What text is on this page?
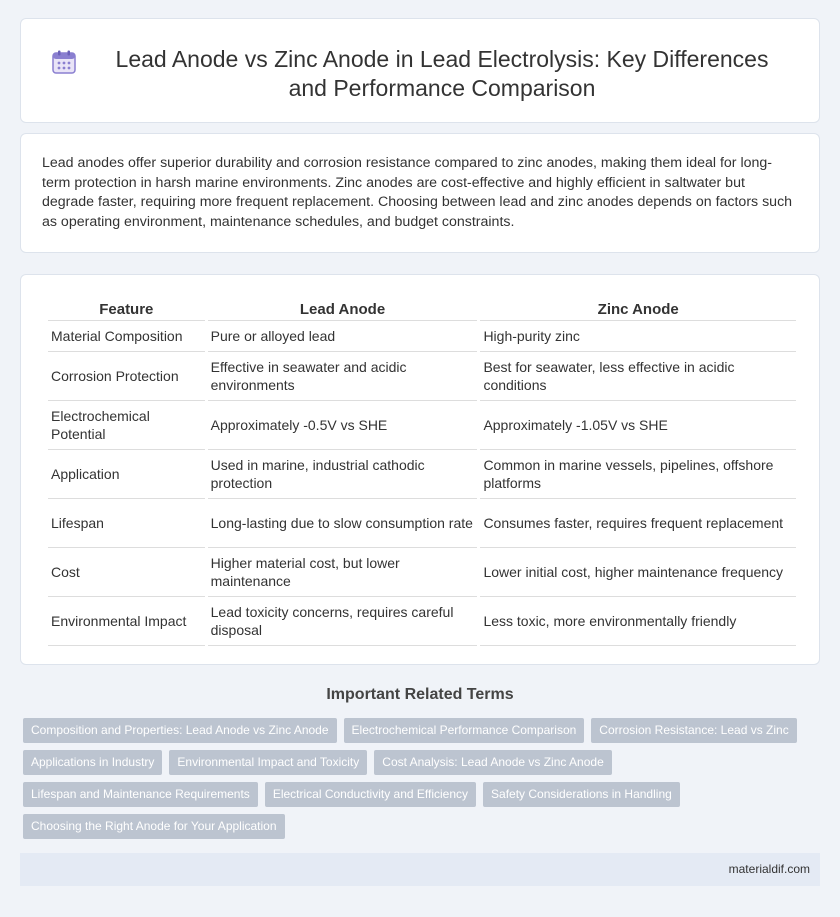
Lead Anode vs Zinc Anode in Lead Electrolysis: Key Differences and Performance Comparison

Lead anodes offer superior durability and corrosion resistance compared to zinc anodes, making them ideal for long-term protection in harsh marine environments. Zinc anodes are cost-effective and highly efficient in saltwater but degrade faster, requiring more frequent replacement. Choosing between lead and zinc anodes depends on factors such as operating environment, maintenance schedules, and budget constraints.

Feature	Lead Anode	Zinc Anode
Material Composition	Pure or alloyed lead	High-purity zinc
Corrosion Protection	Effective in seawater and acidic environments	Best for seawater, less effective in acidic conditions
Electrochemical Potential	Approximately -0.5V vs SHE	Approximately -1.05V vs SHE
Application	Used in marine, industrial cathodic protection	Common in marine vessels, pipelines, offshore platforms
Lifespan	Long-lasting due to slow consumption rate	Consumes faster, requires frequent replacement
Cost	Higher material cost, but lower maintenance	Lower initial cost, higher maintenance frequency
Environmental Impact	Lead toxicity concerns, requires careful disposal	Less toxic, more environmentally friendly
Important Related Terms
Composition and Properties: Lead Anode vs Zinc Anode	Electrochemical Performance Comparison	Corrosion Resistance: Lead vs Zinc
Applications in Industry	Environmental Impact and Toxicity	Cost Analysis: Lead Anode vs Zinc Anode
Lifespan and Maintenance Requirements	Electrical Conductivity and Efficiency	Safety Considerations in Handling
Choosing the Right Anode for Your Application
materialdif.com
